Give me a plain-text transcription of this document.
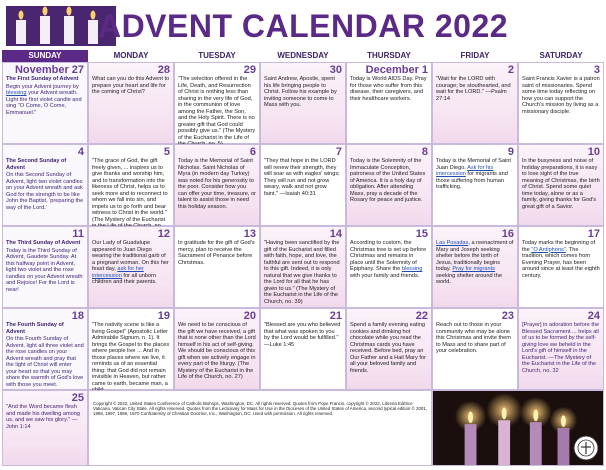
ADVENT CALENDAR 2022
SUNDAY	MONDAY	TUESDAY	WEDNESDAY	THURSDAY	FRIDAY	SATURDAY
November 27
The First Sunday of Advent
Begin your Advent journey by blessing your Advent wreath. Light the first violet candle and sing "O Come, O Come, Emmanuel."
28
What can you do this Advent to prepare your heart and life for the coming of Christ?
29
"The selection offered in the Life, Death, and Resurrection of Christ is nothing less than sharing in the very life of God, in the communion of love among the Father, the Son, and the Holy Spirit. There is no greater gift that God could possibly give us." (The Mystery of the Eucharist in the Life of
30
Saint Andrew, Apostle, spent his life bringing people to Christ. Follow his example by inviting someone to come to Mass with you.
December 1
Today is World AIDS Day. Pray for those who suffer from this disease, their caregivers, and their healthcare workers.
2
"Wait for the LORD with courage; be stouthearted, and wait for the LORD." —Psalm 27:14
3
Saint Francis Xavier is a patron saint of missionaries. Spend some time today reflecting on how you can support the Church's mission by living as a missionary disciple.
4
The Second Sunday of Advent
On this Second Sunday of Advent, light two violet candles on your Advent wreath and ask God for the strength to be like John the Baptist, 'preparing the way of the Lord.'
5
"The grace of God, the gift freely given, ... inspires us to give thanks and worship him, and to transformation into the likeness of Christ, helps us to seek more and to reconnect to whom we fall into sin, and impels us to go forth and bear witness to Christ in the world." (The Mystery of the Eucharist
6
Today is the Memorial of Saint Nicholas. Saint Nicholas of Myra (in modern day Turkey) was noted for his generosity to the poor. Consider how you can offer your time, treasure, or talent to assist those in need this holiday season.
7
"They that hope in the LORD will renew their strength, they will soar as with eagles' wings; They will run and not grow weary, walk and not grow faint." —Isaiah 40:31
8
Today is the Solemnity of the Immaculate Conception, patroness of the United States of America. It is a holy day of obligation. After attending Mass, pray a decade of the Rosary for peace and justice.
9
Today is the Memorial of Saint Juan Diego. Ask for his intercession for migrants and those suffering from human trafficking.
10
In the busyness and noise of holiday preparations, it is easy to lose sight of the true meaning of Christmas, the birth of Christ. Spend some quiet time today, alone or as a family, giving thanks for God's great gift of a Savior.
11
The Third Sunday of Advent
Today is the Third Sunday of Advent, Gaudete Sunday. At this halfway point in Advent, light two violet and the rose candles on your Advent wreath and Rejoice! For the Lord is near!
12
Our Lady of Guadalupe appeared to Juan Diego wearing the traditional garb of a pregnant woman. On this her feast day, ask for her intercession for all unborn children and their parents.
13
In gratitude for the gift of God's mercy, plan to receive the Sacrament of Penance before Christmas.
14
"Having been sanctified by the gift of the Eucharist and filled with faith, hope, and love, the faithful are sent out to respond to this gift. Indeed, it is only natural that we give thanks to the Lord for all that he has given to us." (The Mystery of the Eucharist in the Life of the Church, no. 39)
15
According to custom, the Christmas tree is set up before Christmas and remains in place until the Solemnity of Epiphany. Share the blessing with your family and friends.
16
Las Posadas, a reenactment of Mary and Joseph seeking shelter before the birth of Jesus, traditionally begins today. Pray for migrants seeking shelter around the world.
17
Today marks the beginning of the "O Antiphons". The tradition, which comes from Evening Prayer, has been around since at least the eighth century.
18
The Fourth Sunday of Advent
On this Fourth Sunday of Advent, light all three violet and the rose candles on your Advent wreath and pray that the light of Christ will enter your heart so that you may share the warmth of God's love with those you meet.
19
"The nativity scene is like a living Gospel" (Apostolic Letter Admirabile Signum, n. 1). It brings the Gospel to the places where people live ... And in those places where we live, it reminds us of an essential thing: that God did not remain invisible in Heaven, but rather came to earth, became man, a
20
We need to be conscious of the gift we have received, a gift that is none other than the Lord himself in his act of self-giving. We should be conscious of this gift when we actively engage in every part of the liturgy. (The Mystery of the Eucharist in the Life of the Church, no. 27)
21
"Blessed are you who believed that what was spoken to you by the Lord would be fulfilled." —Luke 1:45
22
Spend a family evening eating cookies and drinking hot chocolate while you read the Christmas cards you have received. Before bed, pray an Our Father and a Hail Mary for all your beloved family and friends.
23
Reach out to those in your community who may be alone this Christmas and invite them to Mass and to share part of your celebration.
24
[Prayer] in adoration before the Blessed Sacrament ... helps all of us to be formed by the self-giving love we beheld in the Lord's gift of himself in the Eucharist. —The Mystery of the Eucharist in the Life of the Church, no. 32
25
"And the Word became flesh and made his dwelling among us, and we saw his glory." —John 1:14
Copyright © 2022, United States Conference of Catholic Bishops, Washington, DC. All rights reserved. Quotes from Pope Francis, copyright © 2022, Libreria Editrice Vaticana, Vatican City State. All rights reserved. Quotes from the Lectionary for Mass for Use in the Dioceses of the United States of America, second typical edition © 2001, 1998, 1997, 1986, 1970 Confraternity of Christian Doctrine, Inc., Washington, DC. Used with permission. All rights reserved.
